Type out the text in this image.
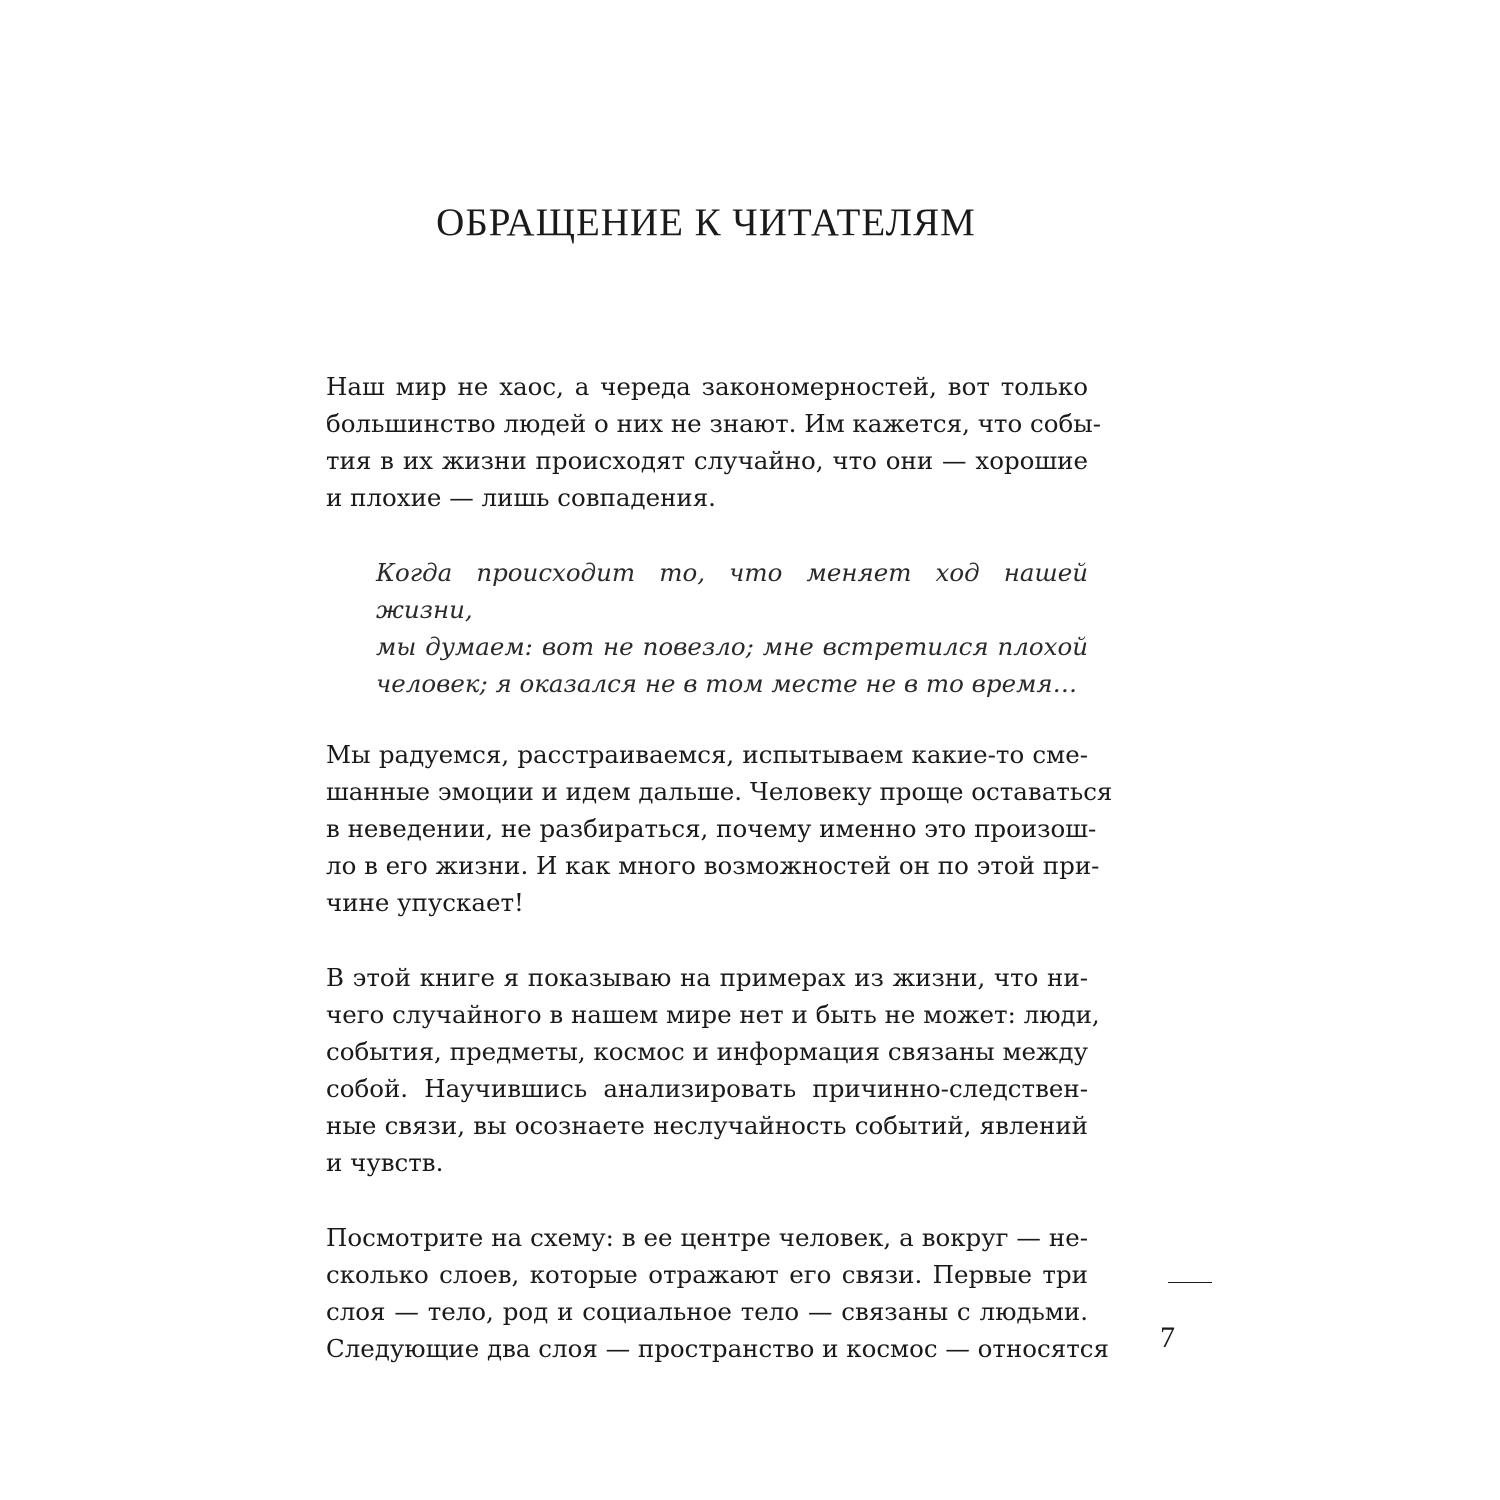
ОБРАЩЕНИЕ К ЧИТАТЕЛЯМ

Наш мир не хаос, а череда закономерностей, вот только
большинство людей о них не знают. Им кажется, что собы-
тия в их жизни происходят случайно, что они — хорошие
и плохие — лишь совпадения.

Когда происходит то, что меняет ход нашей жизни,
мы думаем: вот не повезло; мне встретился плохой
человек; я оказался не в том месте не в то время…

Мы радуемся, расстраиваемся, испытываем какие-то сме-
шанные эмоции и идем дальше. Человеку проще оставаться
в неведении, не разбираться, почему именно это произош-
ло в его жизни. И как много возможностей он по этой при-
чине упускает!

В этой книге я показываю на примерах из жизни, что ни-
чего случайного в нашем мире нет и быть не может: люди,
события, предметы, космос и информация связаны между
собой. Научившись анализировать причинно-следствен-
ные связи, вы осознаете неслучайность событий, явлений
и чувств.

Посмотрите на схему: в ее центре человек, а вокруг — не-
сколько слоев, которые отражают его связи. Первые три
слоя — тело, род и социальное тело — связаны с людьми.
Следующие два слоя — пространство и космос — относятся 7
